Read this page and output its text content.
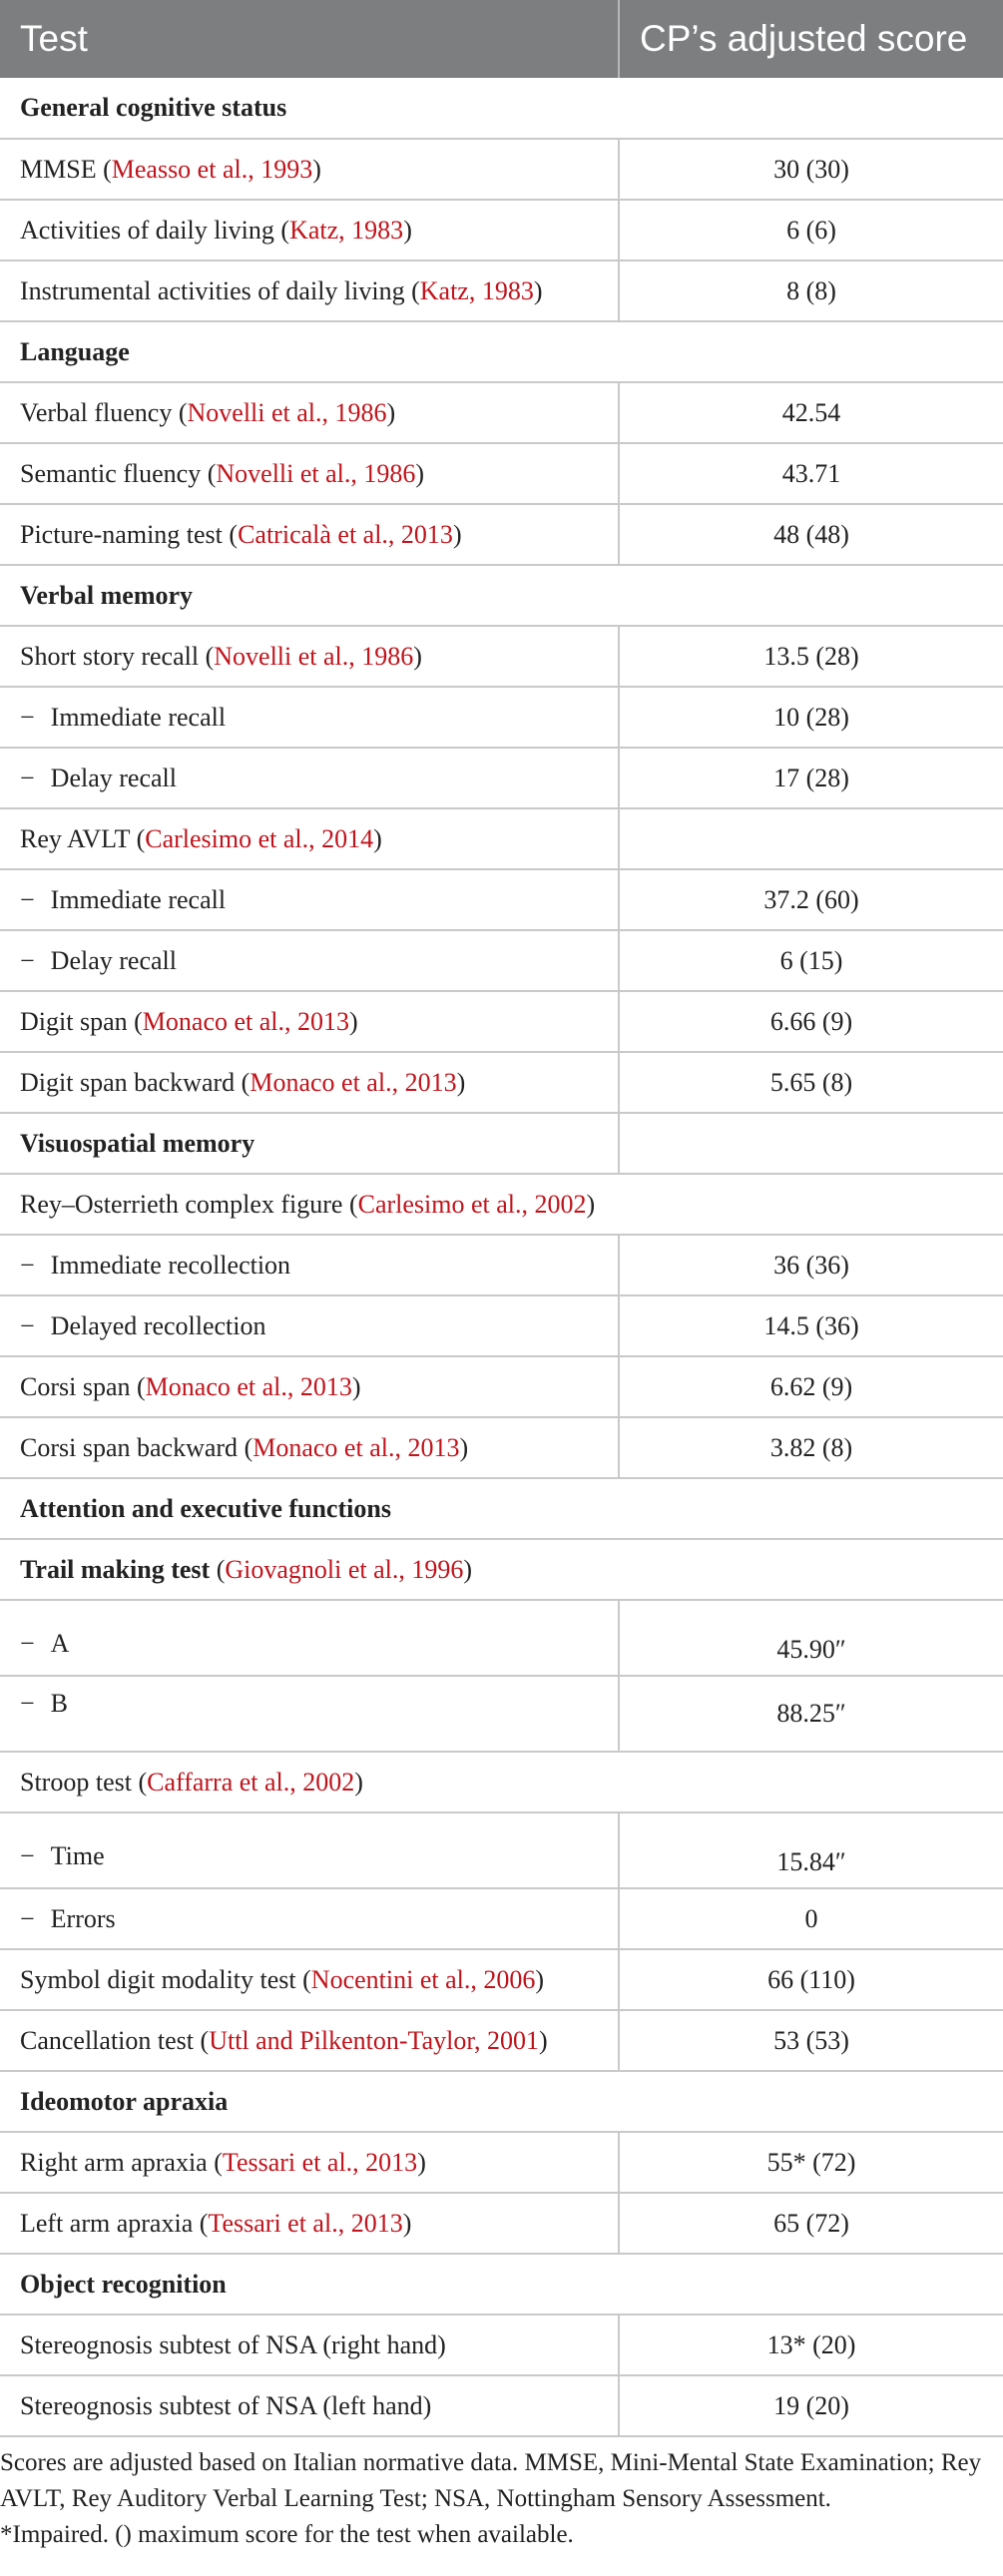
Test	CP’s adjusted score
General cognitive status	
MMSE (Measso et al., 1993)	30 (30)
Activities of daily living (Katz, 1983)	6 (6)
Instrumental activities of daily living (Katz, 1983)	8 (8)
Language	
Verbal fluency (Novelli et al., 1986)	42.54
Semantic fluency (Novelli et al., 1986)	43.71
Picture-naming test (Catricalà et al., 2013)	48 (48)
Verbal memory	
Short story recall (Novelli et al., 1986)	13.5 (28)
− Immediate recall	10 (28)
− Delay recall	17 (28)
Rey AVLT (Carlesimo et al., 2014)	
− Immediate recall	37.2 (60)
− Delay recall	6 (15)
Digit span (Monaco et al., 2013)	6.66 (9)
Digit span backward (Monaco et al., 2013)	5.65 (8)
Visuospatial memory	
Rey–Osterrieth complex figure (Carlesimo et al., 2002)	
− Immediate recollection	36 (36)
− Delayed recollection	14.5 (36)
Corsi span (Monaco et al., 2013)	6.62 (9)
Corsi span backward (Monaco et al., 2013)	3.82 (8)
Attention and executive functions	
Trail making test (Giovagnoli et al., 1996)	
− A	45.90″
− B	88.25″
Stroop test (Caffarra et al., 2002)	
− Time	15.84″
− Errors	0
Symbol digit modality test (Nocentini et al., 2006)	66 (110)
Cancellation test (Uttl and Pilkenton-Taylor, 2001)	53 (53)
Ideomotor apraxia	
Right arm apraxia (Tessari et al., 2013)	55* (72)
Left arm apraxia (Tessari et al., 2013)	65 (72)
Object recognition	
Stereognosis subtest of NSA (right hand)	13* (20)
Stereognosis subtest of NSA (left hand)	19 (20)

Scores are adjusted based on Italian normative data. MMSE, Mini-Mental State Examination; Rey AVLT, Rey Auditory Verbal Learning Test; NSA, Nottingham Sensory Assessment.

*Impaired. () maximum score for the test when available.
